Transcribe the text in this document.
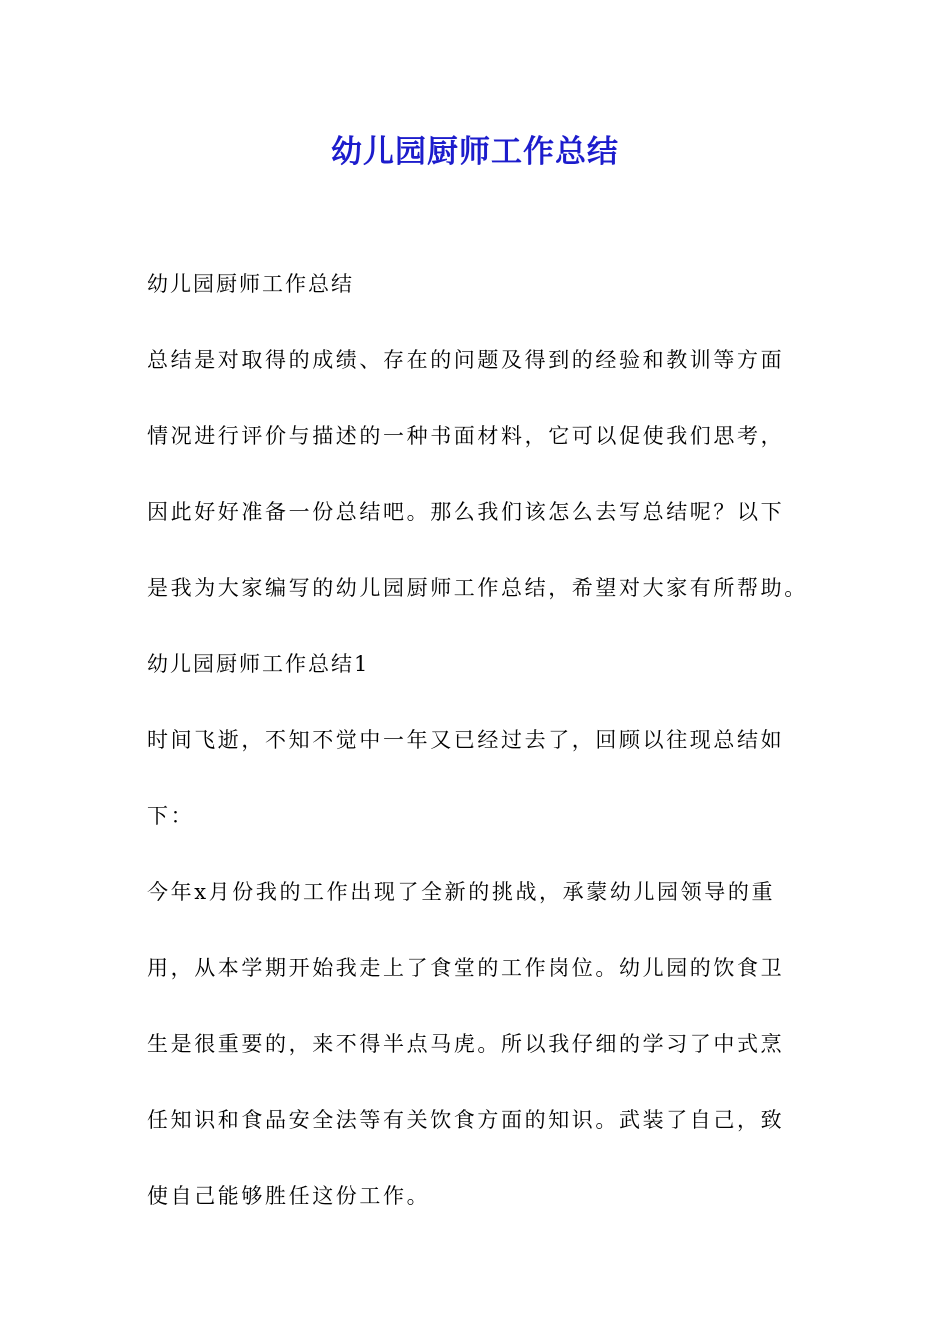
幼儿园厨师工作总结
幼儿园厨师工作总结
总结是对取得的成绩、存在的问题及得到的经验和教训等方面
情况进行评价与描述的一种书面材料，它可以促使我们思考，
因此好好准备一份总结吧。那么我们该怎么去写总结呢？以下
是我为大家编写的幼儿园厨师工作总结，希望对大家有所帮助。
幼儿园厨师工作总结1
时间飞逝，不知不觉中一年又已经过去了，回顾以往现总结如
下：
今年x月份我的工作出现了全新的挑战，承蒙幼儿园领导的重
用，从本学期开始我走上了食堂的工作岗位。幼儿园的饮食卫
生是很重要的，来不得半点马虎。所以我仔细的学习了中式烹
任知识和食品安全法等有关饮食方面的知识。武装了自己，致
使自己能够胜任这份工作。
